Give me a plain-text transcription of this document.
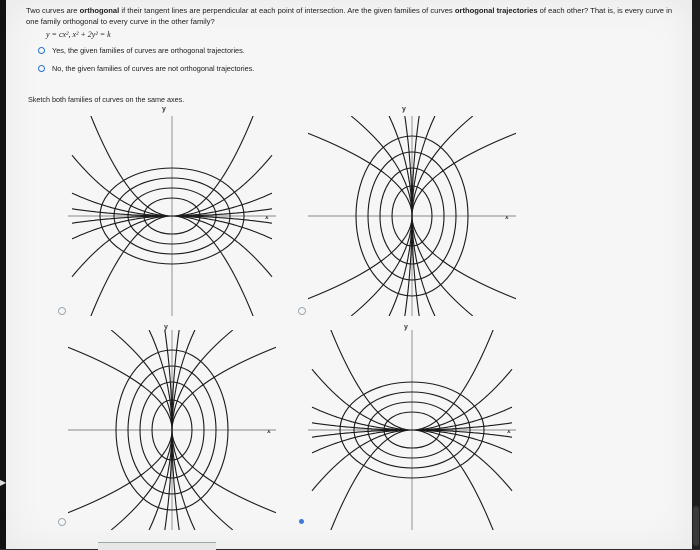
▶
Two curves are orthogonal if their tangent lines are perpendicular at each point of intersection. Are the given families of curves orthogonal trajectories of each other? That is, is every curve in one family orthogonal to every curve in the other family?
y = cx², x² + 2y² = k
Yes, the given families of curves are orthogonal trajectories.
No, the given families of curves are not orthogonal trajectories.
Sketch both families of curves on the same axes.
y
x
y
x
y
x
y
x
